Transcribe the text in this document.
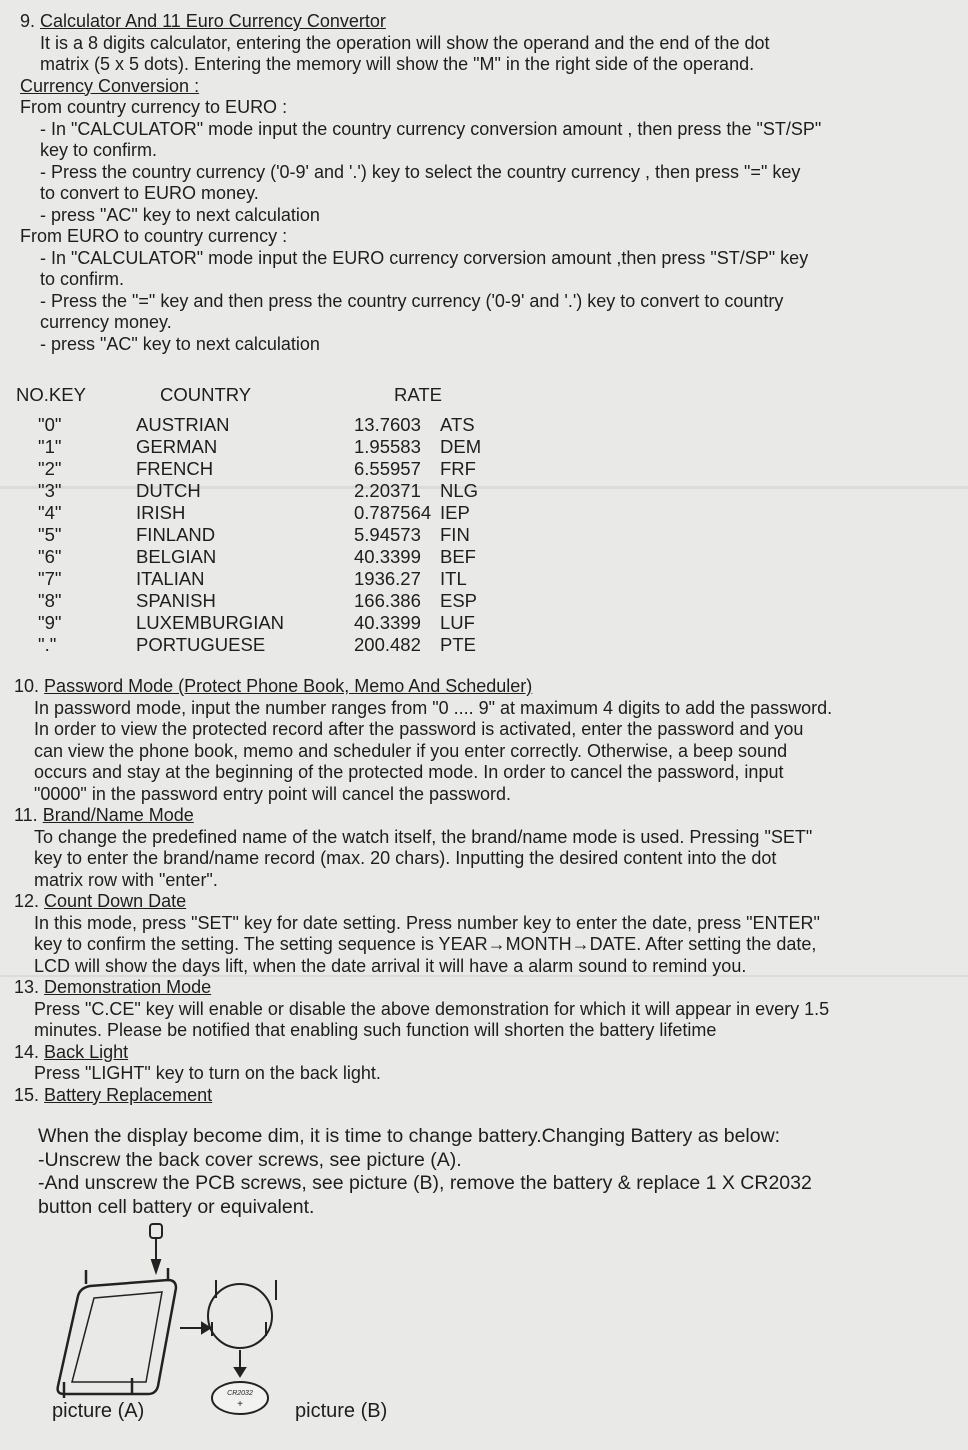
9. Calculator And 11 Euro Currency Convertor
It is a 8 digits calculator, entering the operation will show the operand and the end of the dot
matrix (5 x 5 dots). Entering the memory will show the "M" in the right side of the operand.
Currency Conversion :
From country currency to EURO :
- In "CALCULATOR" mode input the country currency conversion amount , then press the "ST/SP"
key to confirm.
- Press the country currency ('0-9' and '.') key to select the country currency , then press "=" key
to convert to EURO money.
- press "AC" key to next calculation
From EURO to country currency :
- In "CALCULATOR" mode input the EURO currency corversion amount ,then press "ST/SP" key
to confirm.
- Press the "=" key and then press the country currency ('0-9' and '.') key to convert to country
currency money.
- press "AC" key to next calculation
NO.KEY	COUNTRY	RATE
"0"	AUSTRIAN	13.7603 ATS
"1"	GERMAN	1.95583 DEM
"2"	FRENCH	6.55957 FRF
"3"	DUTCH	2.20371 NLG
"4"	IRISH	0.787564 IEP
"5"	FINLAND	5.94573 FIN
"6"	BELGIAN	40.3399 BEF
"7"	ITALIAN	1936.27 ITL
"8"	SPANISH	166.386 ESP
"9"	LUXEMBURGIAN	40.3399 LUF
"."	PORTUGUESE	200.482 PTE
10. Password Mode (Protect Phone Book, Memo And Scheduler)
In password mode, input the number ranges from "0 .... 9" at maximum 4 digits to add the password.
In order to view the protected record after the password is activated, enter the password and you
can view the phone book, memo and scheduler if you enter correctly. Otherwise, a beep sound
occurs and stay at the beginning of the protected mode. In order to cancel the password, input
"0000" in the password entry point will cancel the password.
11. Brand/Name Mode
To change the predefined name of the watch itself, the brand/name mode is used. Pressing "SET"
key to enter the brand/name record (max. 20 chars). Inputting the desired content into the dot
matrix row with "enter".
12. Count Down Date
In this mode, press "SET" key for date setting. Press number key to enter the date, press "ENTER"
key to confirm the setting. The setting sequence is YEAR→MONTH→DATE. After setting the date,
LCD will show the days lift, when the date arrival it will have a alarm sound to remind you.
13. Demonstration Mode
Press "C.CE" key will enable or disable the above demonstration for which it will appear in every 1.5
minutes. Please be notified that enabling such function will shorten the battery lifetime
14. Back Light
Press "LIGHT" key to turn on the back light.
15. Battery Replacement
When the display become dim, it is time to change battery.Changing Battery as below:
-Unscrew the back cover screws, see picture (A).
-And unscrew the PCB screws, see picture (B), remove the battery & replace 1 X CR2032
button cell battery or equivalent.
CR2032
+
picture (A)	picture (B)
